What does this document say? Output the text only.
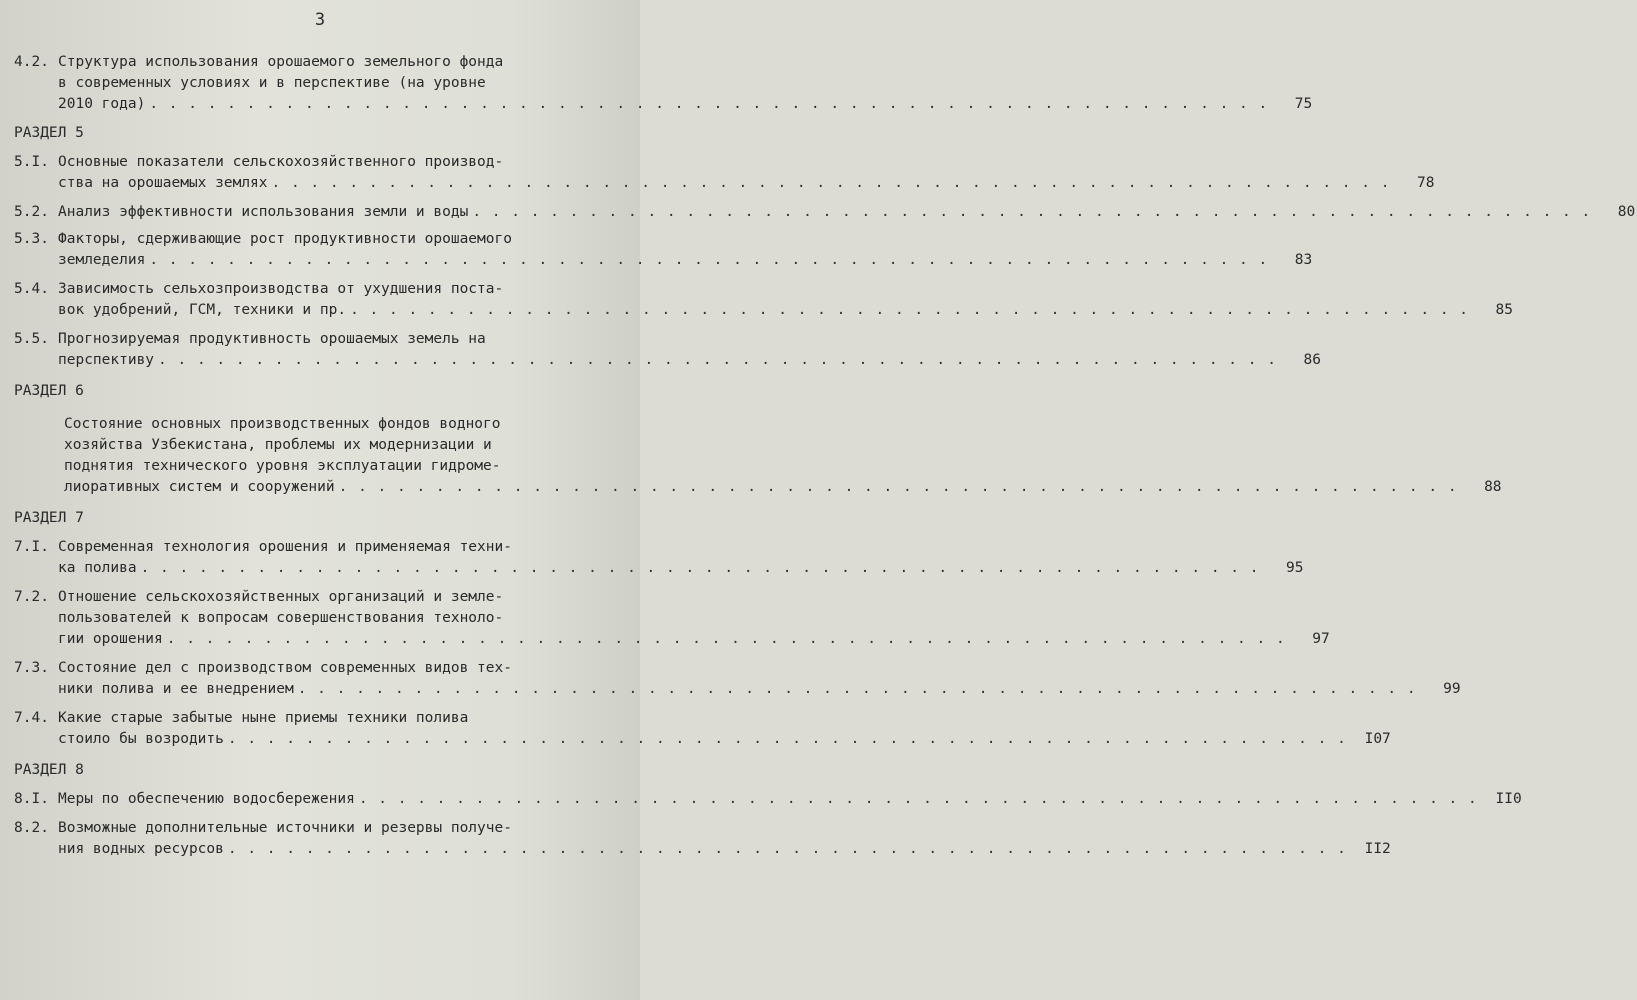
3
4.2. Структура использования орошаемого земельного фонда
в современных условиях и в перспективе (на уровне
2010 года) . . .	75
РАЗДЕЛ 5
5.I. Основные показатели сельскохозяйственного производ-
ства на орошаемых землях . . .	78
5.2. Анализ эффективности использования земли и воды . . .	80
5.3. Факторы, сдерживающие рост продуктивности орошаемого
земледелия . . .	83
5.4. Зависимость сельхозпроизводства от ухудшения поста-
вок удобрений, ГСМ, техники и пр. . . .	85
5.5. Прогнозируемая продуктивность орошаемых земель на
перспективу . . .	86
РАЗДЕЛ 6
Состояние основных производственных фондов водного
хозяйства Узбекистана, проблемы их модернизации и
поднятия технического уровня эксплуатации гидроме-
лиоративных систем и сооружений . . .	88
РАЗДЕЛ 7
7.I. Современная технология орошения и применяемая техни-
ка полива . . .	95
7.2. Отношение сельскохозяйственных организаций и земле-
пользователей к вопросам совершенствования техноло-
гии орошения . . .	97
7.3. Состояние дел с производством современных видов тех-
ники полива и ее внедрением . . .	99
7.4. Какие старые забытые ныне приемы техники полива
стоило бы возродить . . .	I07
РАЗДЕЛ 8
8.I. Меры по обеспечению водосбережения . . .	II0
8.2. Возможные дополнительные источники и резервы получе-
ния водных ресурсов . . .	II2
